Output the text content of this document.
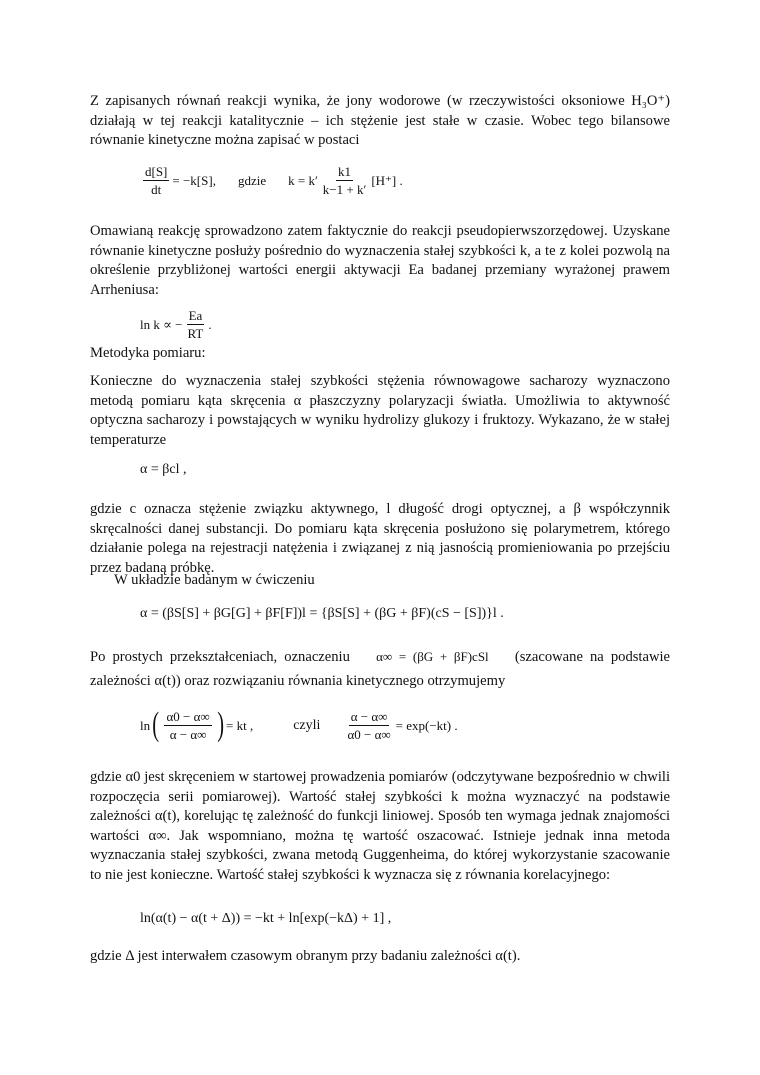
Z zapisanych równań reakcji wynika, że jony wodorowe (w rzeczywistości oksoniowe H₃O⁺) działają w tej reakcji katalitycznie – ich stężenie jest stałe w czasie. Wobec tego bilansowe równanie kinetyczne można zapisać w postaci

$\frac{d[S]}{dt} = -k[S]$, gdzie $k = k' \frac{k1}{k-1 + k'} [H^+]$ .

Omawianą reakcję sprowadzono zatem faktycznie do reakcji pseudopierwszorzędowej. Uzyskane równanie kinetyczne posłuży pośrednio do wyznaczenia stałej szybkości k, a te z kolei pozwolą na określenie przybliżonej wartości energii aktywacji Ea badanej przemiany wyrażonej prawem Arrheniusa:

ln k ∝ − $\frac{Ea}{RT}$ .

Metodyka pomiaru:

Konieczne do wyznaczenia stałej szybkości stężenia równowagowe sacharozy wyznaczono metodą pomiaru kąta skręcenia α płaszczyzny polaryzacji światła. Umożliwia to aktywność optyczna sacharozy i powstających w wyniku hydrolizy glukozy i fruktozy. Wykazano, że w stałej temperaturze

α = βcl ,

gdzie c oznacza stężenie związku aktywnego, l długość drogi optycznej, a β współczynnik skręcalności danej substancji. Do pomiaru kąta skręcenia posłużono się polarymetrem, którego działanie polega na rejestracji natężenia i związanej z nią jasnością promieniowania po przejściu przez badaną próbkę.

W układzie badanym w ćwiczeniu

α = (βS[S] + βG[G] + βF[F])l = {βS[S] + (βG + βF)(cS − [S])}l .
Po prostych przekształceniach, oznaczeniu α∞ = (βG + βF)cSl (szacowane na podstawie zależności α(t)) oraz rozwiązaniu równania kinetycznego otrzymujemy
ln ( $\frac{\alpha 0 - \alpha\infty}{\alpha - \alpha\infty}$ ) = kt ,	czyli $\frac{\alpha - \alpha\infty}{\alpha 0 - \alpha\infty} = \exp(-kt)$ .

gdzie α0 jest skręceniem w startowej prowadzenia pomiarów (odczytywane bezpośrednio w chwili rozpoczęcia serii pomiarowej). Wartość stałej szybkości k można wyznaczyć na podstawie zależności α(t), korelując tę zależność do funkcji liniowej. Sposób ten wymaga jednak znajomości wartości α∞. Jak wspomniano, można tę wartość oszacować. Istnieje jednak inna metoda wyznaczania stałej szybkości, zwana metodą Guggenheima, do której wykorzystanie szacowanie to nie jest konieczne. Wartość stałej szybkości k wyznacza się z równania korelacyjnego:

ln(α(t) − α(t + Δ)) = −kt + ln[exp(−kΔ) + 1] ,

gdzie Δ jest interwałem czasowym obranym przy badaniu zależności α(t).
